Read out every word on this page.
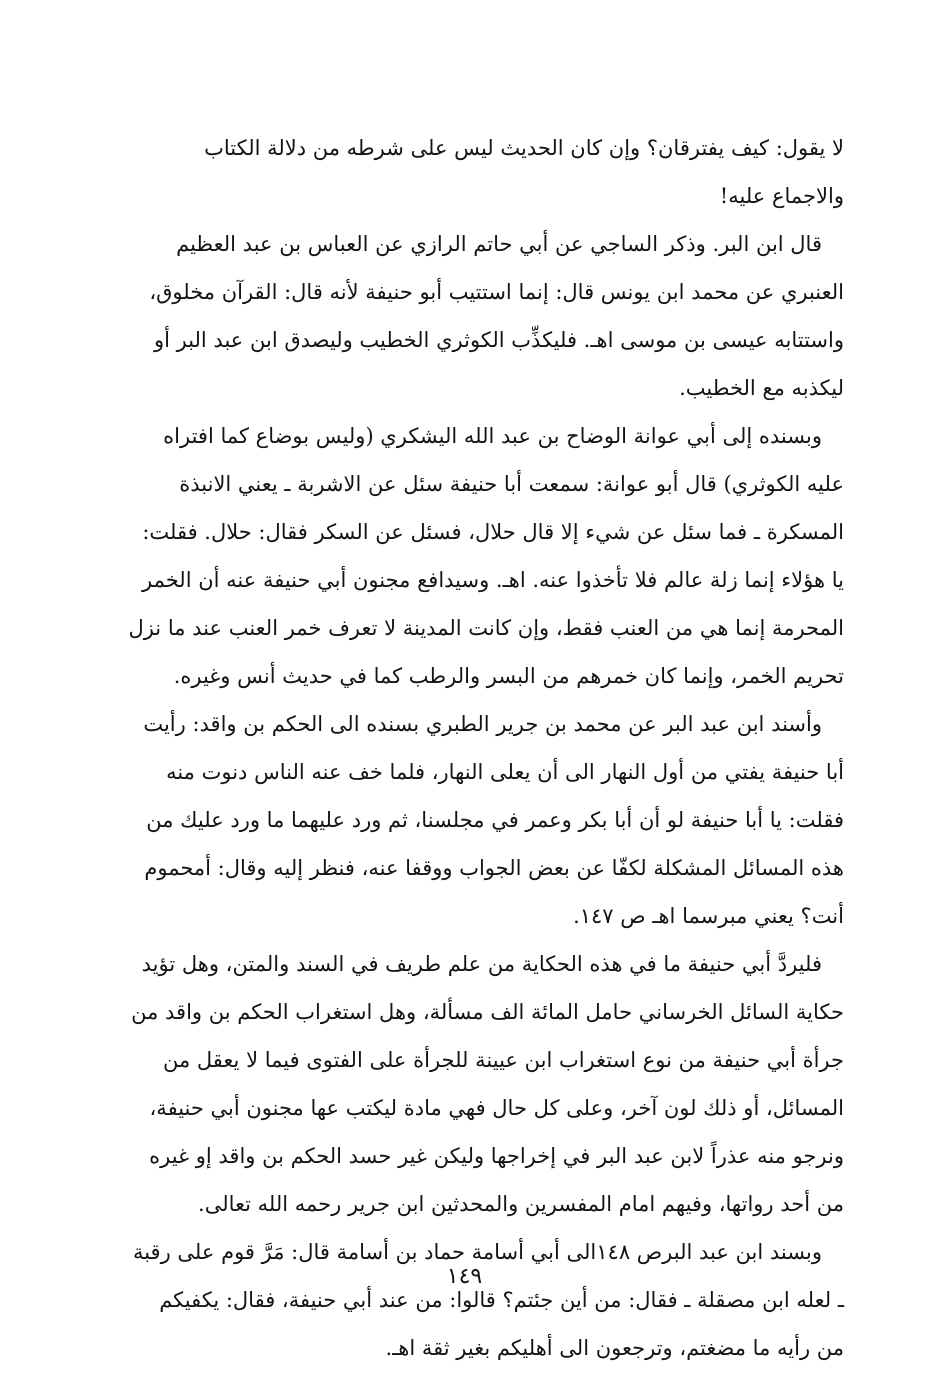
لا يقول: كيف يفترقان؟ وإن كان الحديث ليس على شرطه من دلالة الكتاب والاجماع عليه!

قال ابن البر. وذكر الساجي عن أبي حاتم الرازي عن العباس بن عبد العظيم العنبري عن محمد ابن يونس قال: إنما استتيب أبو حنيفة لأنه قال: القرآن مخلوق، واستتابه عيسى بن موسى اهـ. فليكذِّب الكوثري الخطيب وليصدق ابن عبد البر أو ليكذبه مع الخطيب.

وبسنده إلى أبي عوانة الوضاح بن عبد الله اليشكري (وليس بوضاع كما افتراه عليه الكوثري) قال أبو عوانة: سمعت أبا حنيفة سئل عن الاشربة ـ يعني الانبذة المسكرة ـ فما سئل عن شيء إلا قال حلال، فسئل عن السكر فقال: حلال. فقلت: يا هؤلاء إنما زلة عالم فلا تأخذوا عنه. اهـ. وسيدافع مجنون أبي حنيفة عنه أن الخمر المحرمة إنما هي من العنب فقط، وإن كانت المدينة لا تعرف خمر العنب عند ما نزل تحريم الخمر، وإنما كان خمرهم من البسر والرطب كما في حديث أنس وغيره.

وأسند ابن عبد البر عن محمد بن جرير الطبري بسنده الى الحكم بن واقد: رأيت أبا حنيفة يفتي من أول النهار الى أن يعلى النهار، فلما خف عنه الناس دنوت منه فقلت: يا أبا حنيفة لو أن أبا بكر وعمر في مجلسنا، ثم ورد عليهما ما ورد عليك من هذه المسائل المشكلة لكفّا عن بعض الجواب ووقفا عنه، فنظر إليه وقال: أمحموم أنت؟ يعني مبرسما اهـ ص ١٤٧.

فليردَّ أبي حنيفة ما في هذه الحكاية من علم طريف في السند والمتن، وهل تؤيد حكاية السائل الخرساني حامل المائة الف مسألة، وهل استغراب الحكم بن واقد من جرأة أبي حنيفة من نوع استغراب ابن عيينة للجرأة على الفتوى فيما لا يعقل من المسائل، أو ذلك لون آخر، وعلى كل حال فهي مادة ليكتب عها مجنون أبي حنيفة، ونرجو منه عذراً لابن عبد البر في إخراجها وليكن غير حسد الحكم بن واقد إو غيره من أحد رواتها، وفيهم امام المفسرين والمحدثين ابن جرير رحمه الله تعالى.

وبسند ابن عبد البرص ١٤٨الى أبي أسامة حماد بن أسامة قال: مَرَّ قوم على رقبة ـ لعله ابن مصقلة ـ فقال: من أين جئتم؟ قالوا: من عند أبي حنيفة، فقال: يكفيكم من رأيه ما مضغتم، وترجعون الى أهليكم بغير ثقة اهـ.

١٤٩
